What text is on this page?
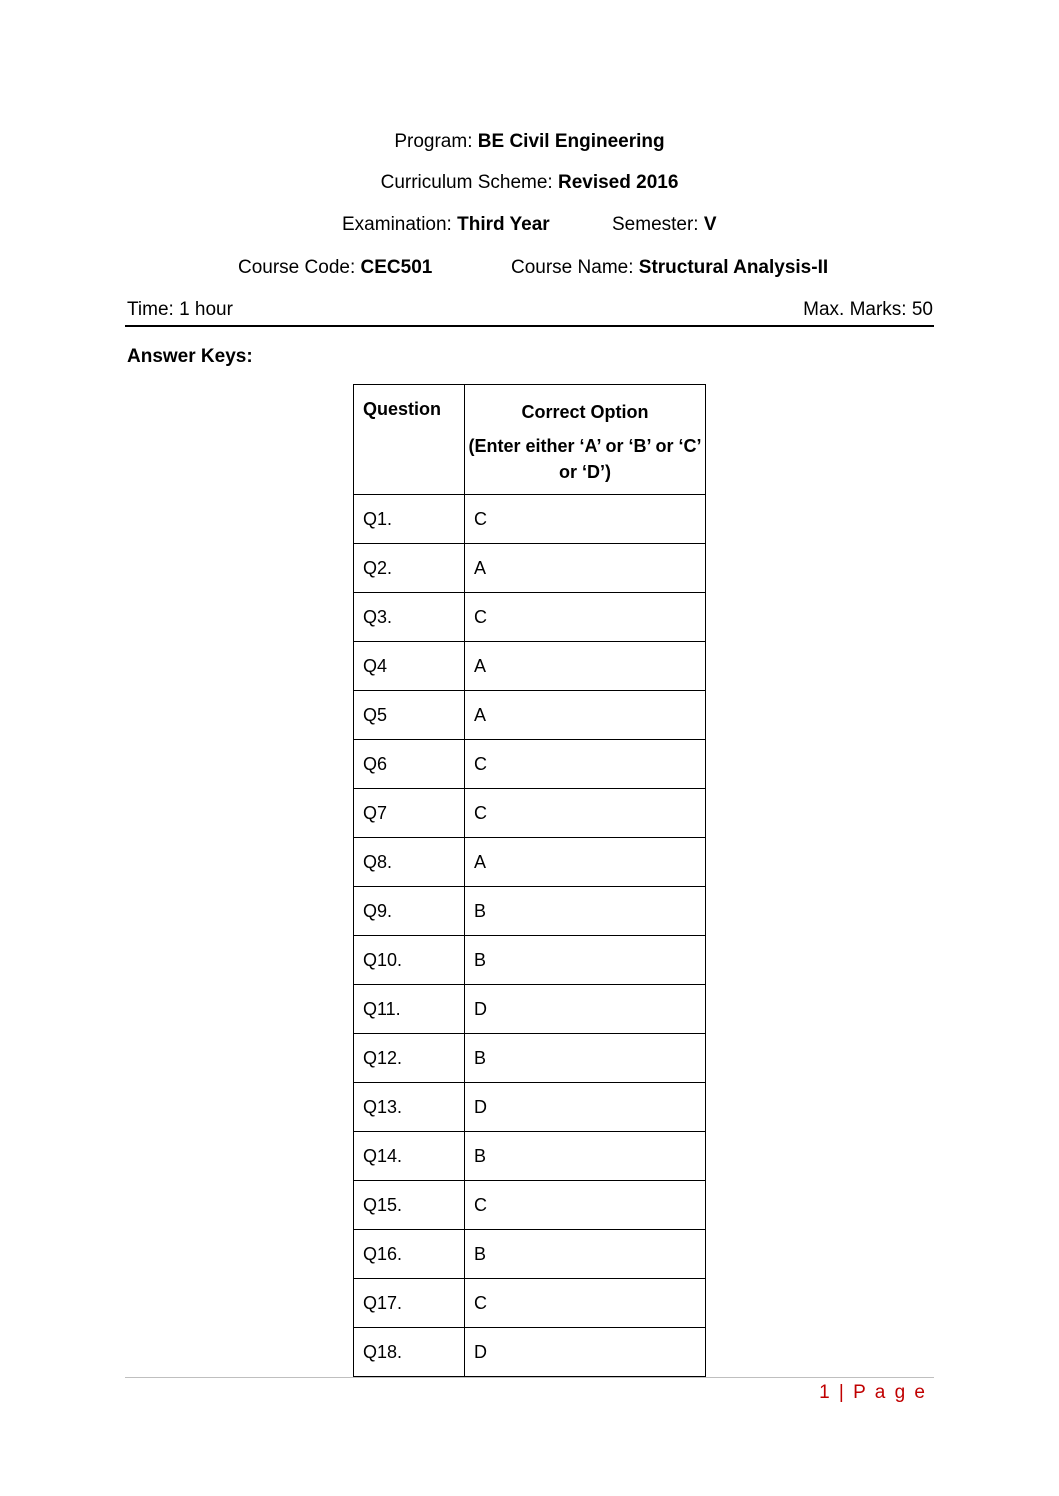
Program: BE Civil Engineering
Curriculum Scheme: Revised 2016
Examination: Third Year	Semester: V
Course Code: CEC501	Course Name: Structural Analysis-II
Time: 1 hour	Max. Marks: 50
Answer Keys:
Question	Correct Option
(Enter either ‘A’ or ‘B’ or ‘C’ or ‘D’)

Q1.	C
Q2.	A
Q3.	C
Q4	A
Q5	A
Q6	C
Q7	C
Q8.	A
Q9.	B
Q10.	B
Q11.	D
Q12.	B
Q13.	D
Q14.	B
Q15.	C
Q16.	B
Q17.	C
Q18.	D
1 | P a g e
